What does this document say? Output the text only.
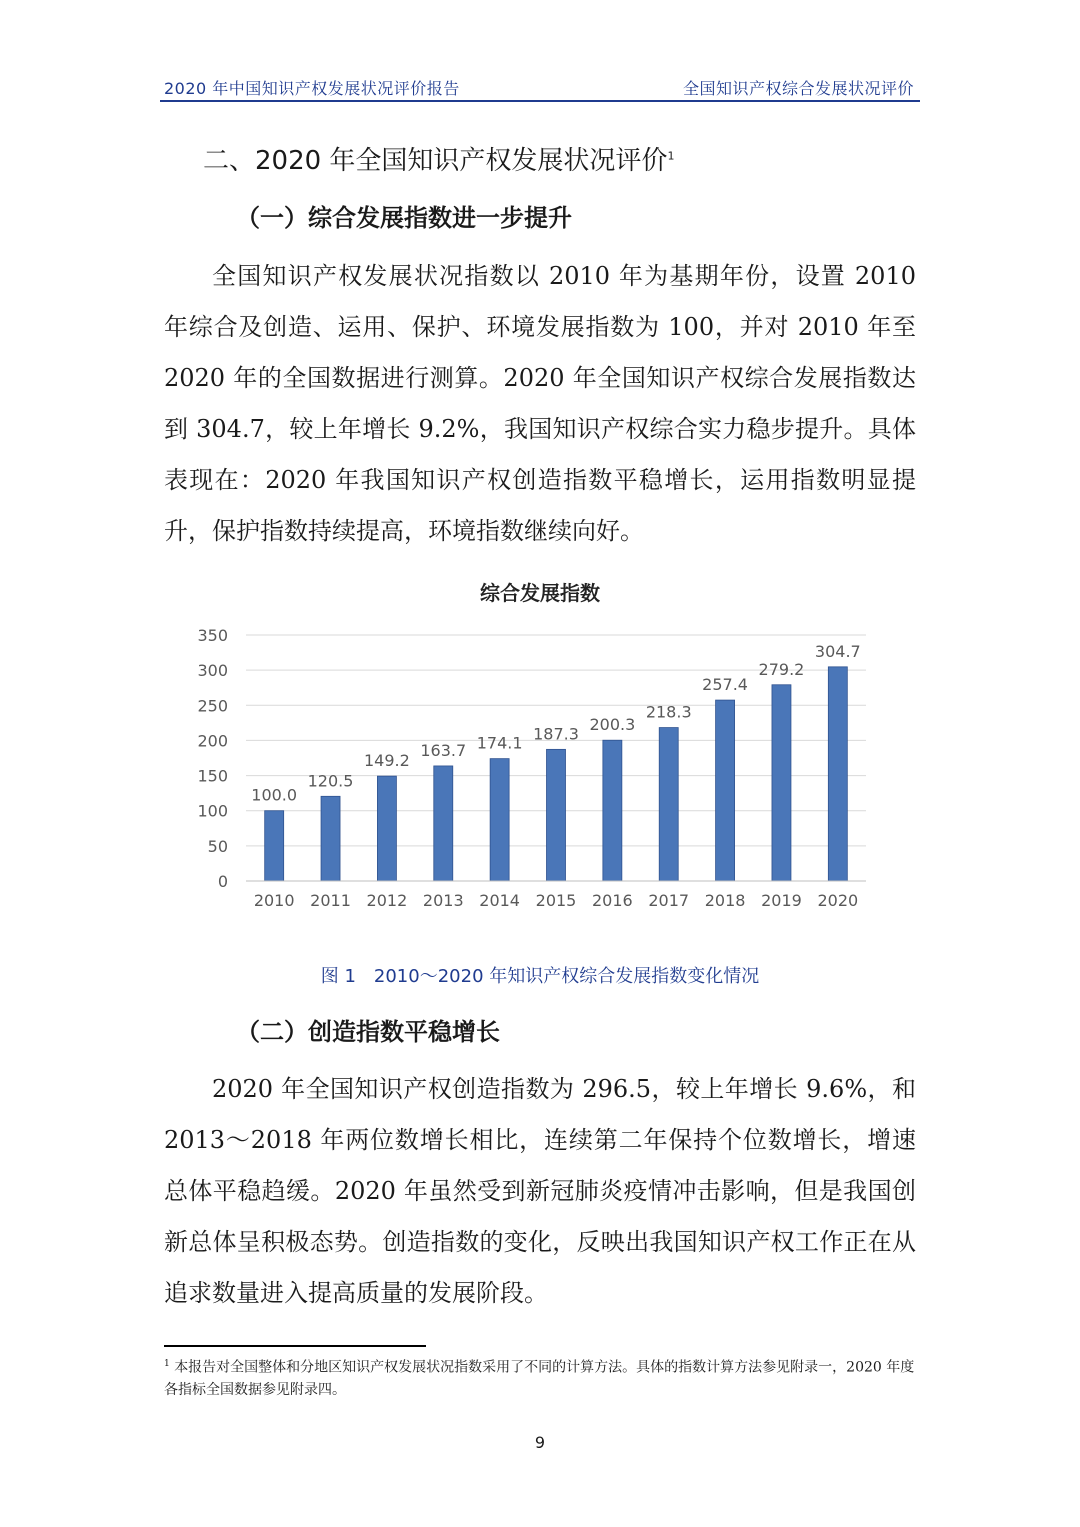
2020 年中国知识产权发展状况评价报告	全国知识产权综合发展状况评价
二、2020 年全国知识产权发展状况评价$^1$
（一）综合发展指数进一步提升

全国知识产权发展状况指数以 2010 年为基期年份，设置 2010 年综合及创造、运用、保护、环境发展指数为 100，并对 2010 年至 2020 年的全国数据进行测算。2020 年全国知识产权综合发展指数达到 304.7，较上年增长 9.2%，我国知识产权综合实力稳步提升。具体表现在：2020 年我国知识产权创造指数平稳增长，运用指数明显提升，保护指数持续提高，环境指数继续向好。

综合发展指数
0
50
100
150
200
250
300
350
100.0
2010
120.5
2011
149.2
2012
163.7
2013
174.1
2014
187.3
2015
200.3
2016
218.3
2017
257.4
2018
279.2
2019
304.7
2020
图 1　2010～2020 年知识产权综合发展指数变化情况
（二）创造指数平稳增长

2020 年全国知识产权创造指数为 296.5，较上年增长 9.6%，和 2013～2018 年两位数增长相比，连续第二年保持个位数增长，增速总体平稳趋缓。2020 年虽然受到新冠肺炎疫情冲击影响，但是我国创新总体呈积极态势。创造指数的变化，反映出我国知识产权工作正在从追求数量进入提高质量的发展阶段。

$^1$ 本报告对全国整体和分地区知识产权发展状况指数采用了不同的计算方法。具体的指数计算方法参见附录一，2020 年度各指标全国数据参见附录四。
9
